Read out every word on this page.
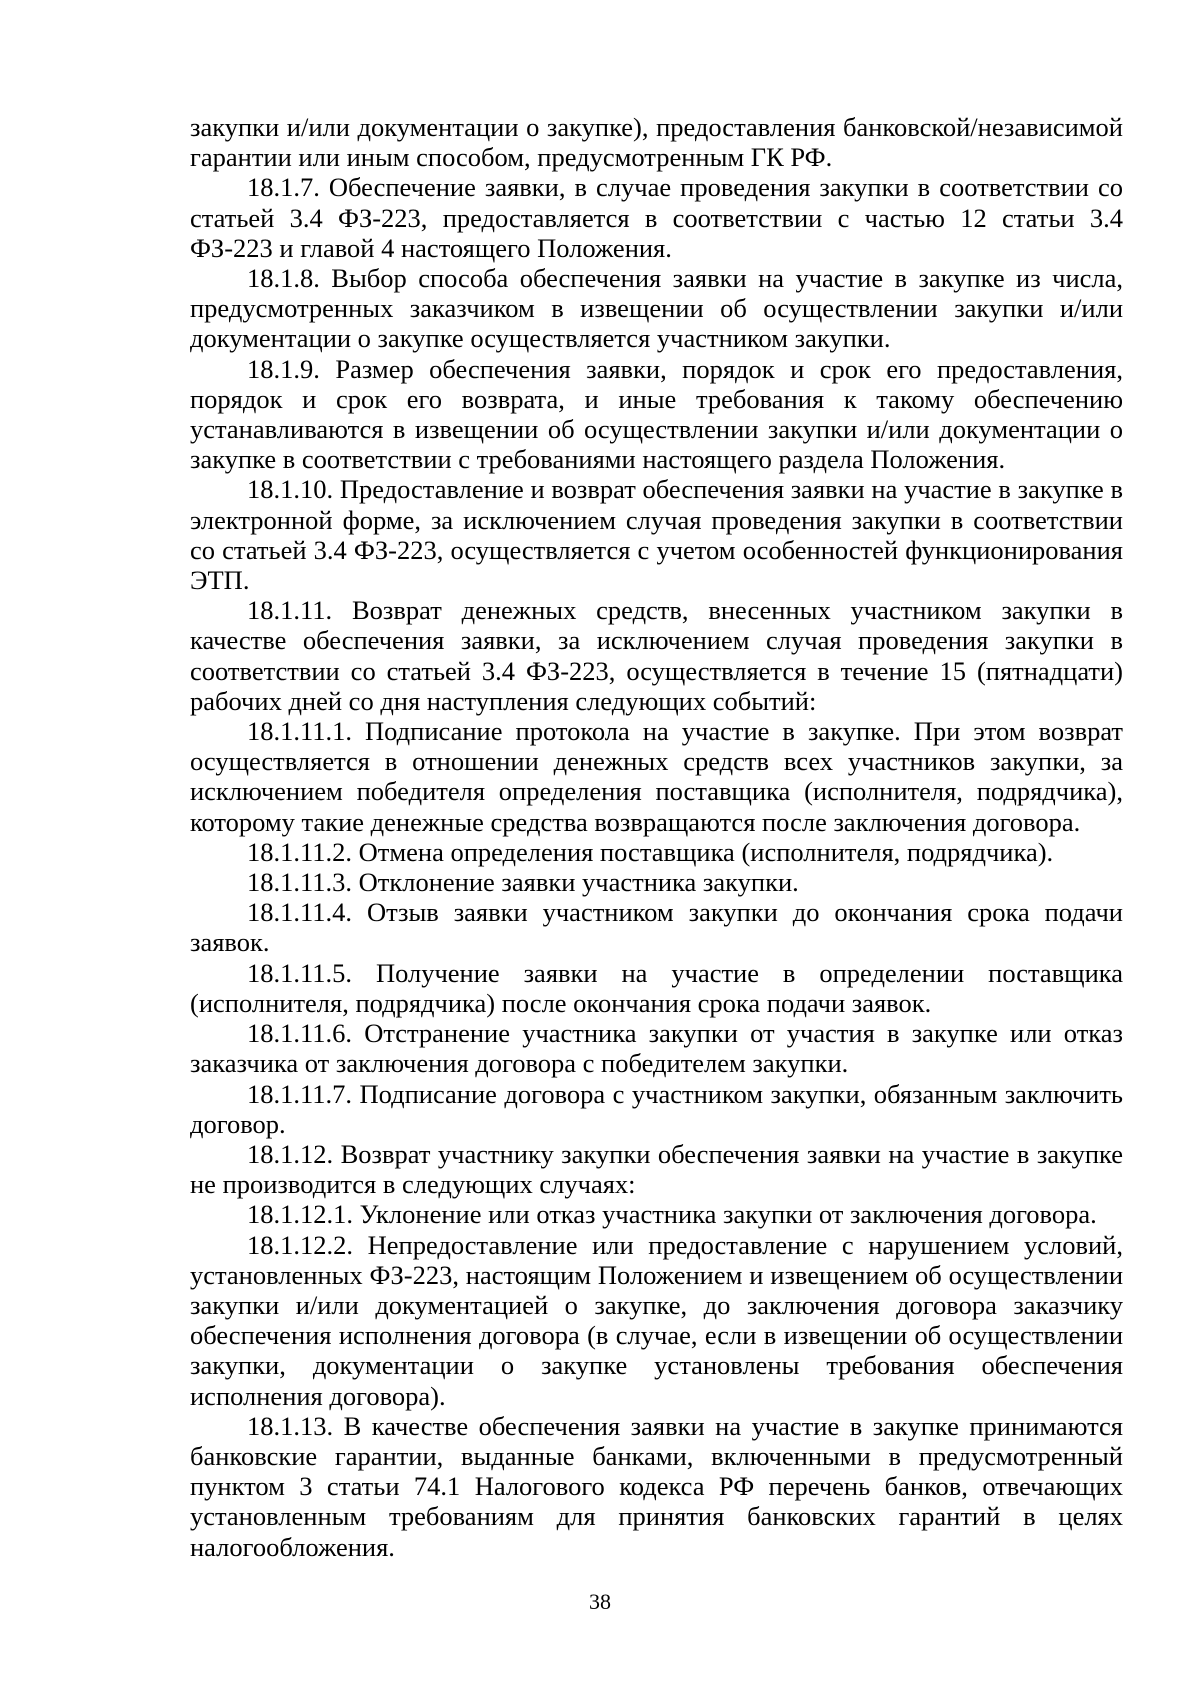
закупки и/или документации о закупке), предоставления банковской/независимой гарантии или иным способом, предусмотренным ГК РФ.

18.1.7. Обеспечение заявки, в случае проведения закупки в соответствии со статьей 3.4 ФЗ-223, предоставляется в соответствии с частью 12 статьи 3.4 ФЗ-223 и главой 4 настоящего Положения.

18.1.8. Выбор способа обеспечения заявки на участие в закупке из числа, предусмотренных заказчиком в извещении об осуществлении закупки и/или документации о закупке осуществляется участником закупки.

18.1.9. Размер обеспечения заявки, порядок и срок его предоставления, порядок и срок его возврата, и иные требования к такому обеспечению устанавливаются в извещении об осуществлении закупки и/или документации о закупке в соответствии с требованиями настоящего раздела Положения.

18.1.10. Предоставление и возврат обеспечения заявки на участие в закупке в электронной форме, за исключением случая проведения закупки в соответствии со статьей 3.4 ФЗ-223, осуществляется с учетом особенностей функционирования ЭТП.

18.1.11. Возврат денежных средств, внесенных участником закупки в качестве обеспечения заявки, за исключением случая проведения закупки в соответствии со статьей 3.4 ФЗ-223, осуществляется в течение 15 (пятнадцати) рабочих дней со дня наступления следующих событий:

18.1.11.1. Подписание протокола на участие в закупке. При этом возврат осуществляется в отношении денежных средств всех участников закупки, за исключением победителя определения поставщика (исполнителя, подрядчика), которому такие денежные средства возвращаются после заключения договора.

18.1.11.2. Отмена определения поставщика (исполнителя, подрядчика).

18.1.11.3. Отклонение заявки участника закупки.

18.1.11.4. Отзыв заявки участником закупки до окончания срока подачи заявок.

18.1.11.5. Получение заявки на участие в определении поставщика (исполнителя, подрядчика) после окончания срока подачи заявок.

18.1.11.6. Отстранение участника закупки от участия в закупке или отказ заказчика от заключения договора с победителем закупки.

18.1.11.7. Подписание договора с участником закупки, обязанным заключить договор.

18.1.12. Возврат участнику закупки обеспечения заявки на участие в закупке не производится в следующих случаях:

18.1.12.1. Уклонение или отказ участника закупки от заключения договора.

18.1.12.2. Непредоставление или предоставление с нарушением условий, установленных ФЗ-223, настоящим Положением и извещением об осуществлении закупки и/или документацией о закупке, до заключения договора заказчику обеспечения исполнения договора (в случае, если в извещении об осуществлении закупки, документации о закупке установлены требования обеспечения исполнения договора).

18.1.13. В качестве обеспечения заявки на участие в закупке принимаются банковские гарантии, выданные банками, включенными в предусмотренный пунктом 3 статьи 74.1 Налогового кодекса РФ перечень банков, отвечающих установленным требованиям для принятия банковских гарантий в целях налогообложения.

38
